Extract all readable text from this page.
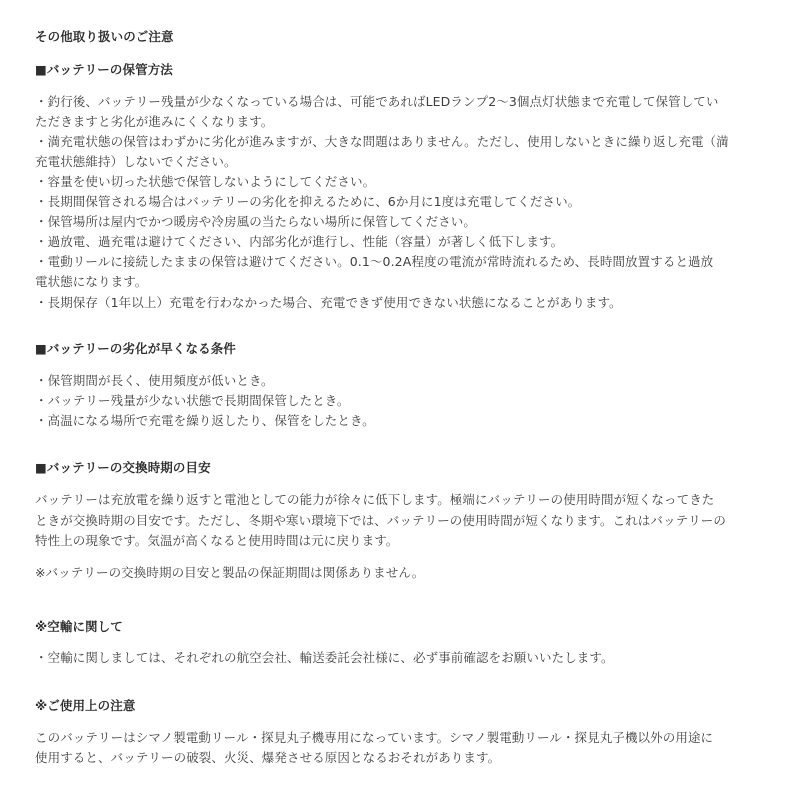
その他取り扱いのご注意
■バッテリーの保管方法
・釣行後、バッテリー残量が少なくなっている場合は、可能であればLEDランプ2〜3個点灯状態まで充電して保管してい
ただきますと劣化が進みにくくなります。
・満充電状態の保管はわずかに劣化が進みますが、大きな問題はありません。ただし、使用しないときに繰り返し充電（満
充電状態維持）しないでください。
・容量を使い切った状態で保管しないようにしてください。
・長期間保管される場合はバッテリーの劣化を抑えるために、6か月に1度は充電してください。
・保管場所は屋内でかつ暖房や冷房風の当たらない場所に保管してください。
・過放電、過充電は避けてください、内部劣化が進行し、性能（容量）が著しく低下します。
・電動リールに接続したままの保管は避けてください。0.1〜0.2A程度の電流が常時流れるため、長時間放置すると過放
電状態になります。
・長期保存（1年以上）充電を行わなかった場合、充電できず使用できない状態になることがあります。
■バッテリーの劣化が早くなる条件
・保管期間が長く、使用頻度が低いとき。
・バッテリー残量が少ない状態で長期間保管したとき。
・高温になる場所で充電を繰り返したり、保管をしたとき。
■バッテリーの交換時期の目安
バッテリーは充放電を繰り返すと電池としての能力が徐々に低下します。極端にバッテリーの使用時間が短くなってきた
ときが交換時期の目安です。ただし、冬期や寒い環境下では、バッテリーの使用時間が短くなります。これはバッテリーの
特性上の現象です。気温が高くなると使用時間は元に戻ります。
※バッテリーの交換時期の目安と製品の保証期間は関係ありません。
※空輸に関して
・空輸に関しましては、それぞれの航空会社、輸送委託会社様に、必ず事前確認をお願いいたします。
※ご使用上の注意
このバッテリーはシマノ製電動リール・探見丸子機専用になっています。シマノ製電動リール・探見丸子機以外の用途に
使用すると、バッテリーの破裂、火災、爆発させる原因となるおそれがあります。
